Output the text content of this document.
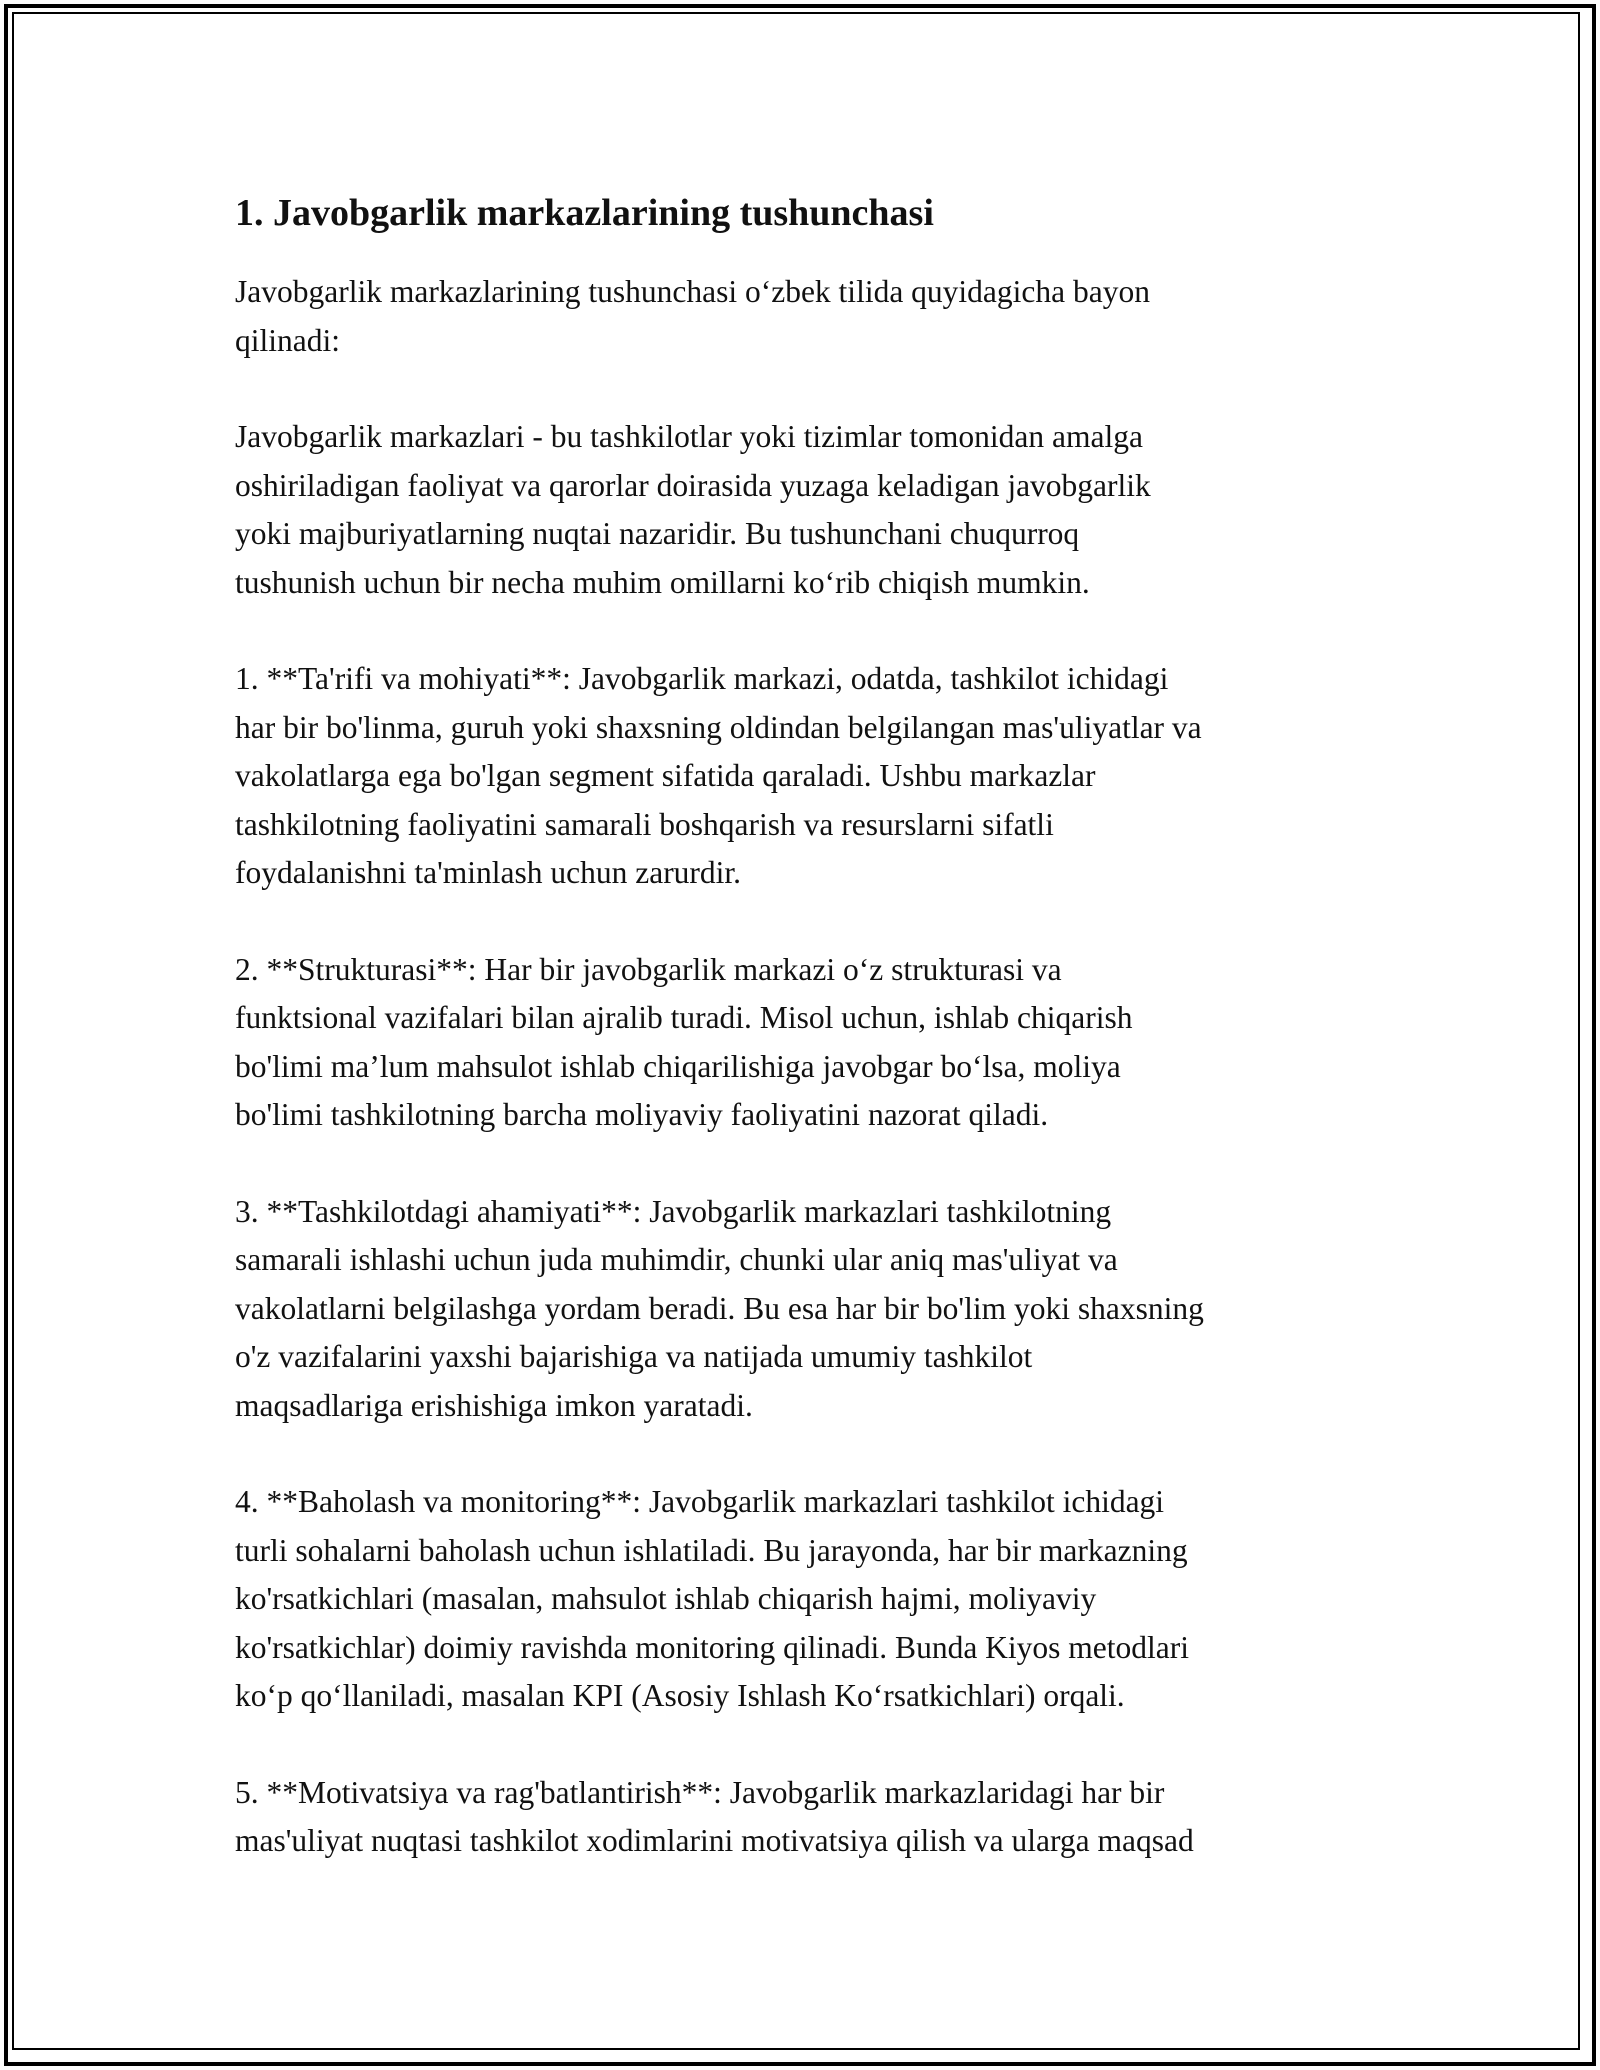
1. Javobgarlik markazlarining tushunchasi

Javobgarlik markazlarining tushunchasi o‘zbek tilida quyidagicha bayon
qilinadi:

Javobgarlik markazlari - bu tashkilotlar yoki tizimlar tomonidan amalga
oshiriladigan faoliyat va qarorlar doirasida yuzaga keladigan javobgarlik
yoki majburiyatlarning nuqtai nazaridir. Bu tushunchani chuqurroq
tushunish uchun bir necha muhim omillarni ko‘rib chiqish mumkin.

1. **Ta'rifi va mohiyati**: Javobgarlik markazi, odatda, tashkilot ichidagi
har bir bo'linma, guruh yoki shaxsning oldindan belgilangan mas'uliyatlar va
vakolatlarga ega bo'lgan segment sifatida qaraladi. Ushbu markazlar
tashkilotning faoliyatini samarali boshqarish va resurslarni sifatli
foydalanishni ta'minlash uchun zarurdir.

2. **Strukturasi**: Har bir javobgarlik markazi o‘z strukturasi va
funktsional vazifalari bilan ajralib turadi. Misol uchun, ishlab chiqarish
bo'limi ma’lum mahsulot ishlab chiqarilishiga javobgar bo‘lsa, moliya
bo'limi tashkilotning barcha moliyaviy faoliyatini nazorat qiladi.

3. **Tashkilotdagi ahamiyati**: Javobgarlik markazlari tashkilotning
samarali ishlashi uchun juda muhimdir, chunki ular aniq mas'uliyat va
vakolatlarni belgilashga yordam beradi. Bu esa har bir bo'lim yoki shaxsning
o'z vazifalarini yaxshi bajarishiga va natijada umumiy tashkilot
maqsadlariga erishishiga imkon yaratadi.

4. **Baholash va monitoring**: Javobgarlik markazlari tashkilot ichidagi
turli sohalarni baholash uchun ishlatiladi. Bu jarayonda, har bir markazning
ko'rsatkichlari (masalan, mahsulot ishlab chiqarish hajmi, moliyaviy
ko'rsatkichlar) doimiy ravishda monitoring qilinadi. Bunda Kiyos metodlari
ko‘p qo‘llaniladi, masalan KPI (Asosiy Ishlash Ko‘rsatkichlari) orqali.

5. **Motivatsiya va rag'batlantirish**: Javobgarlik markazlaridagi har bir
mas'uliyat nuqtasi tashkilot xodimlarini motivatsiya qilish va ularga maqsad
